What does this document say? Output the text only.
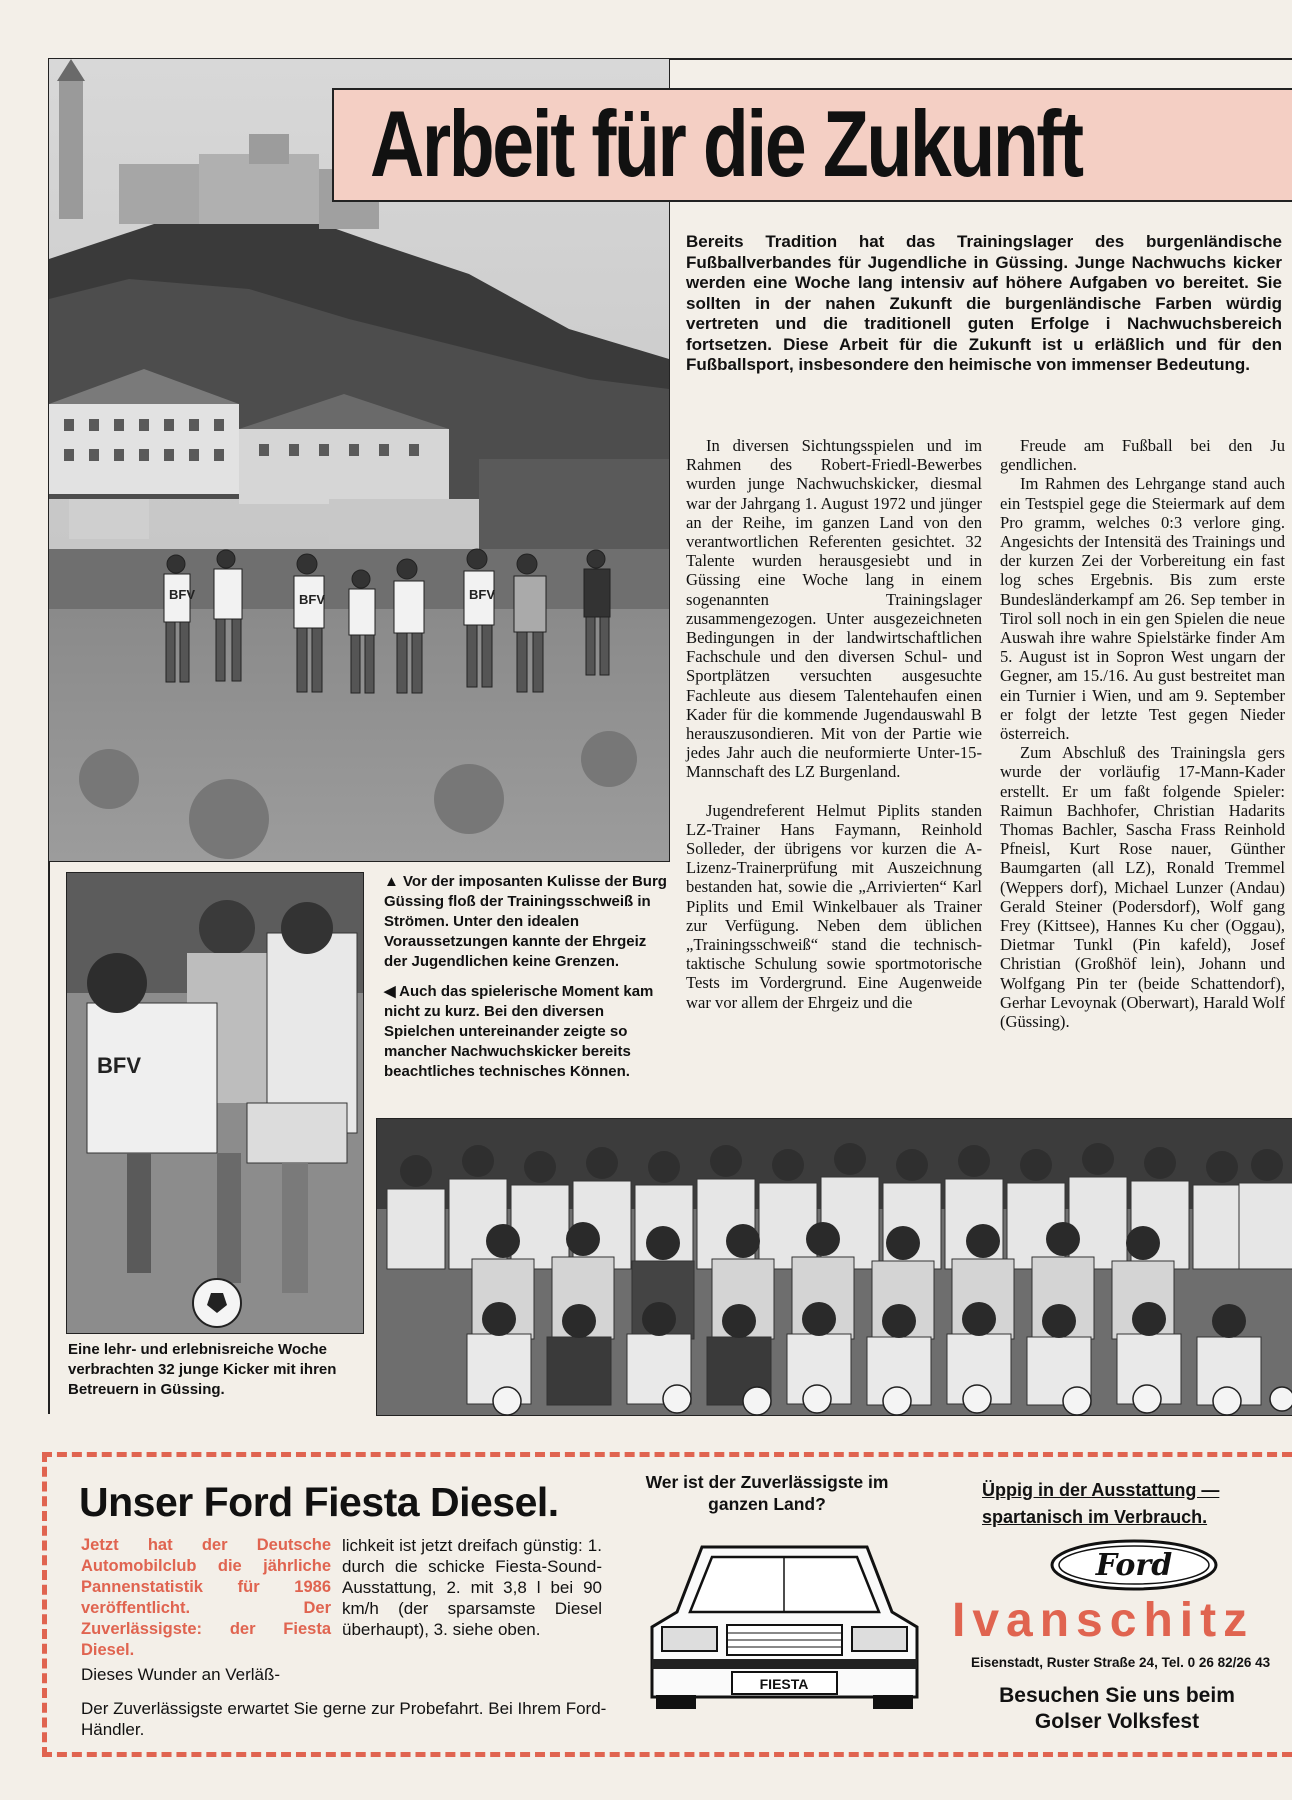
BFV	BFV	BFV
Arbeit für die Zukunft
Bereits Tradition hat das Trainingslager des burgenländische Fußballverbandes für Jugendliche in Güssing. Junge Nachwuchs kicker werden eine Woche lang intensiv auf höhere Aufgaben vo bereitet. Sie sollten in der nahen Zukunft die burgenländische Farben würdig vertreten und die traditionell guten Erfolge i Nachwuchsbereich fortsetzen. Diese Arbeit für die Zukunft ist u erläßlich und für den Fußballsport, insbesondere den heimische von immenser Bedeutung.

In diversen Sichtungsspielen und im Rahmen des Robert-Friedl-Bewerbes wurden junge Nachwuchskicker, diesmal war der Jahrgang 1. August 1972 und jünger an der Reihe, im ganzen Land von den verantwortlichen Referenten gesichtet. 32 Talente wurden herausgesiebt und in Güssing eine Woche lang in einem sogenannten Trainingslager zusammengezogen. Unter ausgezeichneten Bedingungen in der landwirtschaftlichen Fachschule und den diversen Schul- und Sportplätzen versuchten ausgesuchte Fachleute aus diesem Talentehaufen einen Kader für die kommende Jugendauswahl B herauszusondieren. Mit von der Partie wie jedes Jahr auch die neuformierte Unter-15-Mannschaft des LZ Burgenland.

Jugendreferent Helmut Piplits standen LZ-Trainer Hans Faymann, Reinhold Solleder, der übrigens vor kurzen die A-Lizenz-Trainerprüfung mit Auszeichnung bestanden hat, sowie die „Arrivierten“ Karl Piplits und Emil Winkelbauer als Trainer zur Verfügung. Neben dem üblichen „Trainingsschweiß“ stand die technisch-taktische Schulung sowie sportmotorische Tests im Vordergrund. Eine Augenweide war vor allem der Ehrgeiz und die

Freude am Fußball bei den Ju gendlichen.

Im Rahmen des Lehrgange stand auch ein Testspiel gege die Steiermark auf dem Pro gramm, welches 0:3 verlore ging. Angesichts der Intensitä des Trainings und der kurzen Zei der Vorbereitung ein fast log sches Ergebnis. Bis zum erste Bundesländerkampf am 26. Sep tember in Tirol soll noch in ein gen Spielen die neue Auswah ihre wahre Spielstärke finder Am 5. August ist in Sopron West ungarn der Gegner, am 15./16. Au gust bestreitet man ein Turnier i Wien, und am 9. September er folgt der letzte Test gegen Nieder österreich.

Zum Abschluß des Trainingsla gers wurde der vorläufig 17-Mann-Kader erstellt. Er um faßt folgende Spieler: Raimun Bachhofer, Christian Hadarits Thomas Bachler, Sascha Frass Reinhold Pfneisl, Kurt Rose nauer, Günther Baumgarten (all LZ), Ronald Tremmel (Weppers dorf), Michael Lunzer (Andau) Gerald Steiner (Podersdorf), Wolf gang Frey (Kittsee), Hannes Ku cher (Oggau), Dietmar Tunkl (Pin kafeld), Josef Christian (Großhöf lein), Johann und Wolfgang Pin ter (beide Schattendorf), Gerhar Levoynak (Oberwart), Harald Wolf (Güssing).

BFV

▲ Vor der imposanten Kulisse der Burg Güssing floß der Trainingsschweiß in Strömen. Unter den idealen Voraussetzungen kannte der Ehrgeiz der Jugendlichen keine Grenzen.

◀ Auch das spielerische Moment kam nicht zu kurz. Bei den diversen Spielchen untereinander zeigte so mancher Nachwuchskicker bereits beachtliches technisches Können.

Eine lehr- und erlebnisreiche Woche verbrachten 32 junge Kicker mit ihren Betreuern in Güssing.
Unser Ford Fiesta Diesel.
Jetzt hat der Deutsche Automobilclub die jährliche Pannenstatistik für 1986 veröffentlicht. Der Zuverlässigste: der Fiesta Diesel.
Dieses Wunder an Verläß-
lichkeit ist jetzt dreifach günstig: 1. durch die schicke Fiesta-Sound-Ausstattung, 2. mit 3,8 l bei 90 km/h (der sparsamste Diesel überhaupt), 3. siehe oben.
Der Zuverlässigste erwartet Sie gerne zur Probefahrt. Bei Ihrem Ford-Händler.
Wer ist der Zuverlässigste im ganzen Land?
FIESTA
Üppig in der Ausstattung —
spartanisch im Verbrauch.
Ford
Ivanschitz
Eisenstadt, Ruster Straße 24, Tel. 0 26 82/26 43
Besuchen Sie uns beim Golser Volksfest
